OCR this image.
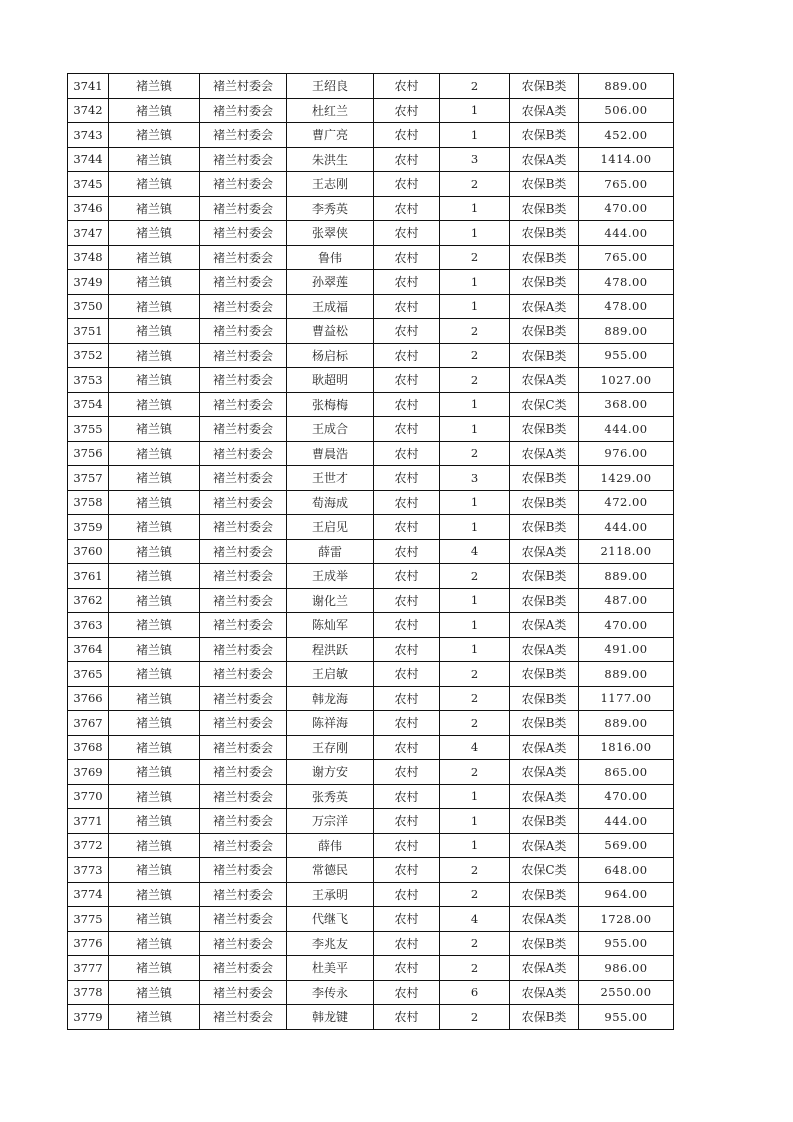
3741	褚兰镇	褚兰村委会	王绍良	农村	2	农保B类	889.00
3742	褚兰镇	褚兰村委会	杜红兰	农村	1	农保A类	506.00
3743	褚兰镇	褚兰村委会	曹广亮	农村	1	农保B类	452.00
3744	褚兰镇	褚兰村委会	朱洪生	农村	3	农保A类	1414.00
3745	褚兰镇	褚兰村委会	王志刚	农村	2	农保B类	765.00
3746	褚兰镇	褚兰村委会	李秀英	农村	1	农保B类	470.00
3747	褚兰镇	褚兰村委会	张翠侠	农村	1	农保B类	444.00
3748	褚兰镇	褚兰村委会	鲁伟	农村	2	农保B类	765.00
3749	褚兰镇	褚兰村委会	孙翠莲	农村	1	农保B类	478.00
3750	褚兰镇	褚兰村委会	王成福	农村	1	农保A类	478.00
3751	褚兰镇	褚兰村委会	曹益松	农村	2	农保B类	889.00
3752	褚兰镇	褚兰村委会	杨启标	农村	2	农保B类	955.00
3753	褚兰镇	褚兰村委会	耿超明	农村	2	农保A类	1027.00
3754	褚兰镇	褚兰村委会	张梅梅	农村	1	农保C类	368.00
3755	褚兰镇	褚兰村委会	王成合	农村	1	农保B类	444.00
3756	褚兰镇	褚兰村委会	曹晨浩	农村	2	农保A类	976.00
3757	褚兰镇	褚兰村委会	王世才	农村	3	农保B类	1429.00
3758	褚兰镇	褚兰村委会	荀海成	农村	1	农保B类	472.00
3759	褚兰镇	褚兰村委会	王启见	农村	1	农保B类	444.00
3760	褚兰镇	褚兰村委会	薛雷	农村	4	农保A类	2118.00
3761	褚兰镇	褚兰村委会	王成举	农村	2	农保B类	889.00
3762	褚兰镇	褚兰村委会	谢化兰	农村	1	农保B类	487.00
3763	褚兰镇	褚兰村委会	陈灿军	农村	1	农保A类	470.00
3764	褚兰镇	褚兰村委会	程洪跃	农村	1	农保A类	491.00
3765	褚兰镇	褚兰村委会	王启敏	农村	2	农保B类	889.00
3766	褚兰镇	褚兰村委会	韩龙海	农村	2	农保B类	1177.00
3767	褚兰镇	褚兰村委会	陈祥海	农村	2	农保B类	889.00
3768	褚兰镇	褚兰村委会	王存刚	农村	4	农保A类	1816.00
3769	褚兰镇	褚兰村委会	谢方安	农村	2	农保A类	865.00
3770	褚兰镇	褚兰村委会	张秀英	农村	1	农保A类	470.00
3771	褚兰镇	褚兰村委会	万宗洋	农村	1	农保B类	444.00
3772	褚兰镇	褚兰村委会	薛伟	农村	1	农保A类	569.00
3773	褚兰镇	褚兰村委会	常德民	农村	2	农保C类	648.00
3774	褚兰镇	褚兰村委会	王承明	农村	2	农保B类	964.00
3775	褚兰镇	褚兰村委会	代继飞	农村	4	农保A类	1728.00
3776	褚兰镇	褚兰村委会	李兆友	农村	2	农保B类	955.00
3777	褚兰镇	褚兰村委会	杜美平	农村	2	农保A类	986.00
3778	褚兰镇	褚兰村委会	李传永	农村	6	农保A类	2550.00
3779	褚兰镇	褚兰村委会	韩龙键	农村	2	农保B类	955.00
